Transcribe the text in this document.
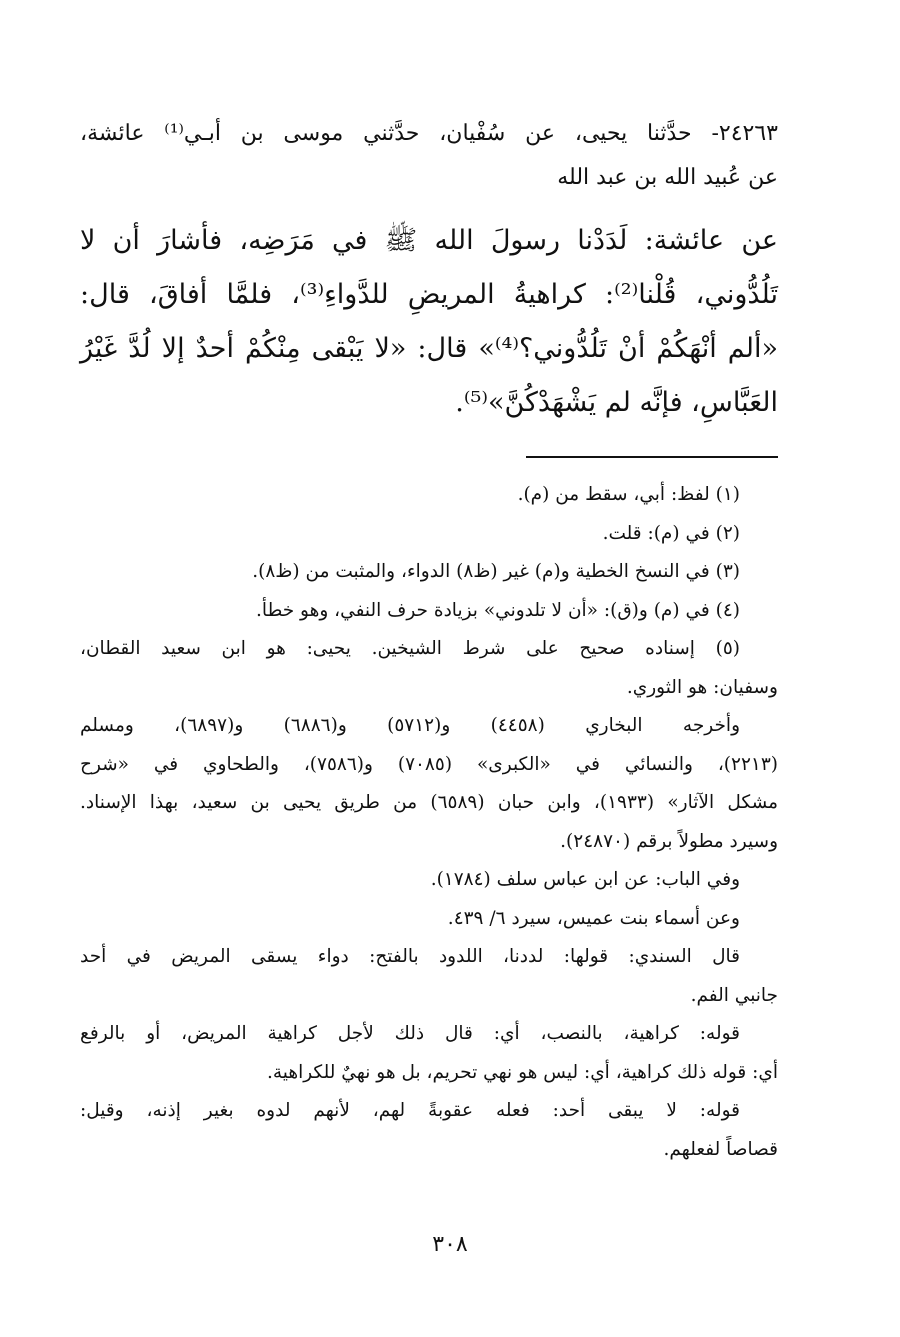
٢٤٢٦٣- حدَّثنا يحيى، عن سُفْيان، حدَّثني موسى بن أبـي⁽¹⁾ عائشة،
عن عُبيد الله بن عبد الله
عن عائشة: لَدَدْنا رسولَ الله ﷺ في مَرَضِه، فأشارَ أن لا
تَلُدُّوني، قُلْنا⁽²⁾: كراهيةُ المريضِ للدَّواءِ⁽³⁾، فلمَّا أفاقَ، قال:
«ألم أنْهَكُمْ أنْ تَلُدُّوني؟⁽⁴⁾» قال: «لا يَبْقى مِنْكُمْ أحدٌ إلا لُدَّ غَيْرُ
العَبَّاسِ، فإنَّه لم يَشْهَدْكُنَّ»⁽⁵⁾.
(١) لفظ: أبي، سقط من (م).
(٢) في (م): قلت.
(٣) في النسخ الخطية و(م) غير (ظ٨) الدواء، والمثبت من (ظ٨).
(٤) في (م) و(ق): «أن لا تلدوني» بزيادة حرف النفي، وهو خطأ.
(٥) إسناده صحيح على شرط الشيخين. يحيى: هو ابن سعيد القطان،
وسفيان: هو الثوري.
وأخرجه البخاري (٤٤٥٨) و(٥٧١٢) و(٦٨٨٦) و(٦٨٩٧)، ومسلم
(٢٢١٣)، والنسائي في «الكبرى» (٧٠٨٥) و(٧٥٨٦)، والطحاوي في «شرح
مشكل الآثار» (١٩٣٣)، وابن حبان (٦٥٨٩) من طريق يحيى بن سعيد، بهذا الإسناد.
وسيرد مطولاً برقم (٢٤٨٧٠).
وفي الباب: عن ابن عباس سلف (١٧٨٤).
وعن أسماء بنت عميس، سيرد ٦/ ٤٣٩.
قال السندي: قولها: لددنا، اللدود بالفتح: دواء يسقى المريض في أحد
جانبي الفم.
قوله: كراهية، بالنصب، أي: قال ذلك لأجل كراهية المريض، أو بالرفع
أي: قوله ذلك كراهية، أي: ليس هو نهي تحريم، بل هو نهيٌ للكراهية.
قوله: لا يبقى أحد: فعله عقوبةً لهم، لأنهم لدوه بغير إذنه، وقيل:
قصاصاً لفعلهم.
٣٠٨
